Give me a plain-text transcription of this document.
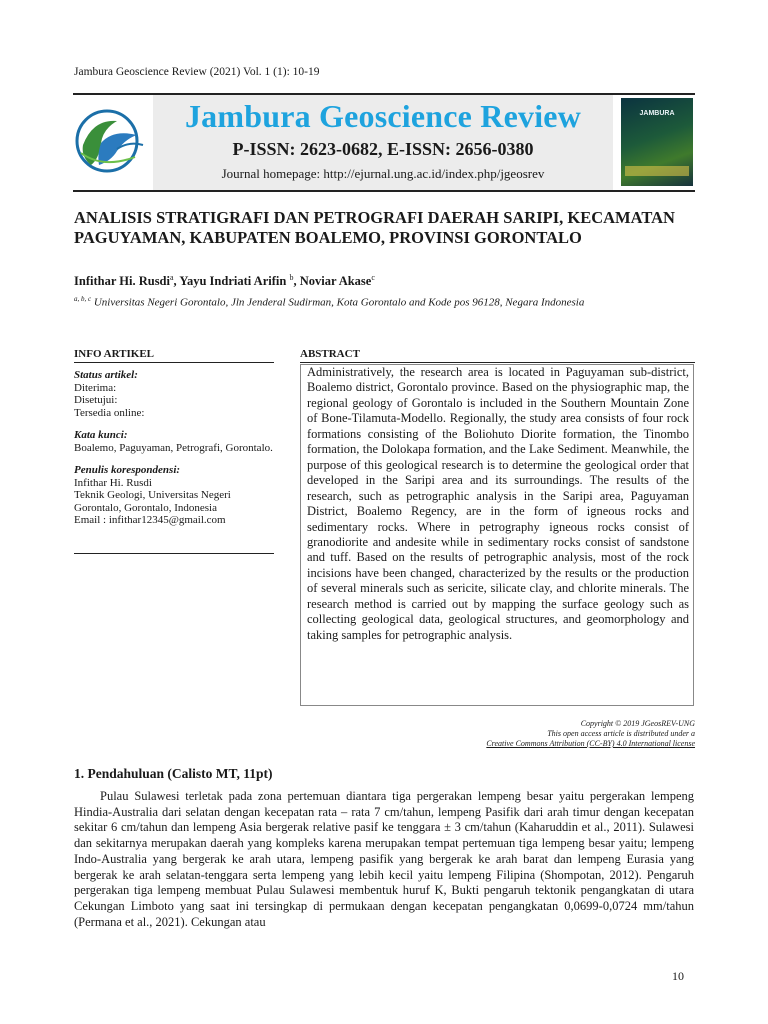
Jambura Geoscience Review (2021) Vol. 1 (1): 10-19
Jambura Geoscience Review
P-ISSN: 2623-0682, E-ISSN: 2656-0380
Journal homepage: http://ejurnal.ung.ac.id/index.php/jgeosrev
JAMBURA
ANALISIS STRATIGRAFI DAN PETROGRAFI DAERAH SARIPI, KECAMATAN PAGUYAMAN, KABUPATEN BOALEMO, PROVINSI GORONTALO
Infithar Hi. Rusdi$^a$, Yayu Indriati Arifin $^b$, Noviar Akase$^c$
$^{a, b, c}$ Universitas Negeri Gorontalo, Jln Jenderal Sudirman, Kota Gorontalo and Kode pos 96128, Negara Indonesia
INFO ARTIKEL	ABSTRACT
Status artikel:
Diterima:
Disetujui:
Tersedia online:
Kata kunci:
Boalemo, Paguyaman, Petrografi, Gorontalo.
Penulis korespondensi:
Infithar Hi. Rusdi
Teknik Geologi, Universitas Negeri Gorontalo, Gorontalo, Indonesia
Email : infithar12345@gmail.com
Administratively, the research area is located in Paguyaman sub-district, Boalemo district, Gorontalo province. Based on the physiographic map, the regional geology of Gorontalo is included in the Southern Mountain Zone of Bone-Tilamuta-Modello. Regionally, the study area consists of four rock formations consisting of the Boliohuto Diorite formation, the Tinombo formation, the Dolokapa formation, and the Lake Sediment. Meanwhile, the purpose of this geological research is to determine the geological order that developed in the Saripi area and its surroundings. The results of the research, such as petrographic analysis in the Saripi area, Paguyaman District, Boalemo Regency, are in the form of igneous rocks and sedimentary rocks. Where in petrography igneous rocks consist of granodiorite and andesite while in sedimentary rocks consist of sandstone and tuff. Based on the results of petrographic analysis, most of the rock incisions have been changed, characterized by the results or the production of several minerals such as sericite, silicate clay, and chlorite minerals. The research method is carried out by mapping the surface geology such as collecting geological data, geological structures, and geomorphology and taking samples for petrographic analysis.
Copyright © 2019 JGeosREV-UNG
This open access article is distributed under a
Creative Commons Attribution (CC-BY) 4.0 International license
1. Pendahuluan (Calisto MT, 11pt)
Pulau Sulawesi terletak pada zona pertemuan diantara tiga pergerakan lempeng besar yaitu pergerakan lempeng Hindia-Australia dari selatan dengan kecepatan rata – rata 7 cm/tahun, lempeng Pasifik dari arah timur dengan kecepatan sekitar 6 cm/tahun dan lempeng Asia bergerak relative pasif ke tenggara ± 3 cm/tahun (Kaharuddin et al., 2011). Sulawesi dan sekitarnya merupakan daerah yang kompleks karena merupakan tempat pertemuan tiga lempeng besar yaitu; lempeng Indo-Australia yang bergerak ke arah utara, lempeng pasifik yang bergerak ke arah barat dan lempeng Eurasia yang bergerak ke arah selatan-tenggara serta lempeng yang lebih kecil yaitu lempeng Filipina (Shompotan, 2012). Pengaruh pergerakan tiga lempeng membuat Pulau Sulawesi membentuk huruf K, Bukti pengaruh tektonik pengangkatan di utara Cekungan Limboto yang saat ini tersingkap di permukaan dengan kecepatan pengangkatan 0,0699-0,0724 mm/tahun (Permana et al., 2021). Cekungan atau
10
